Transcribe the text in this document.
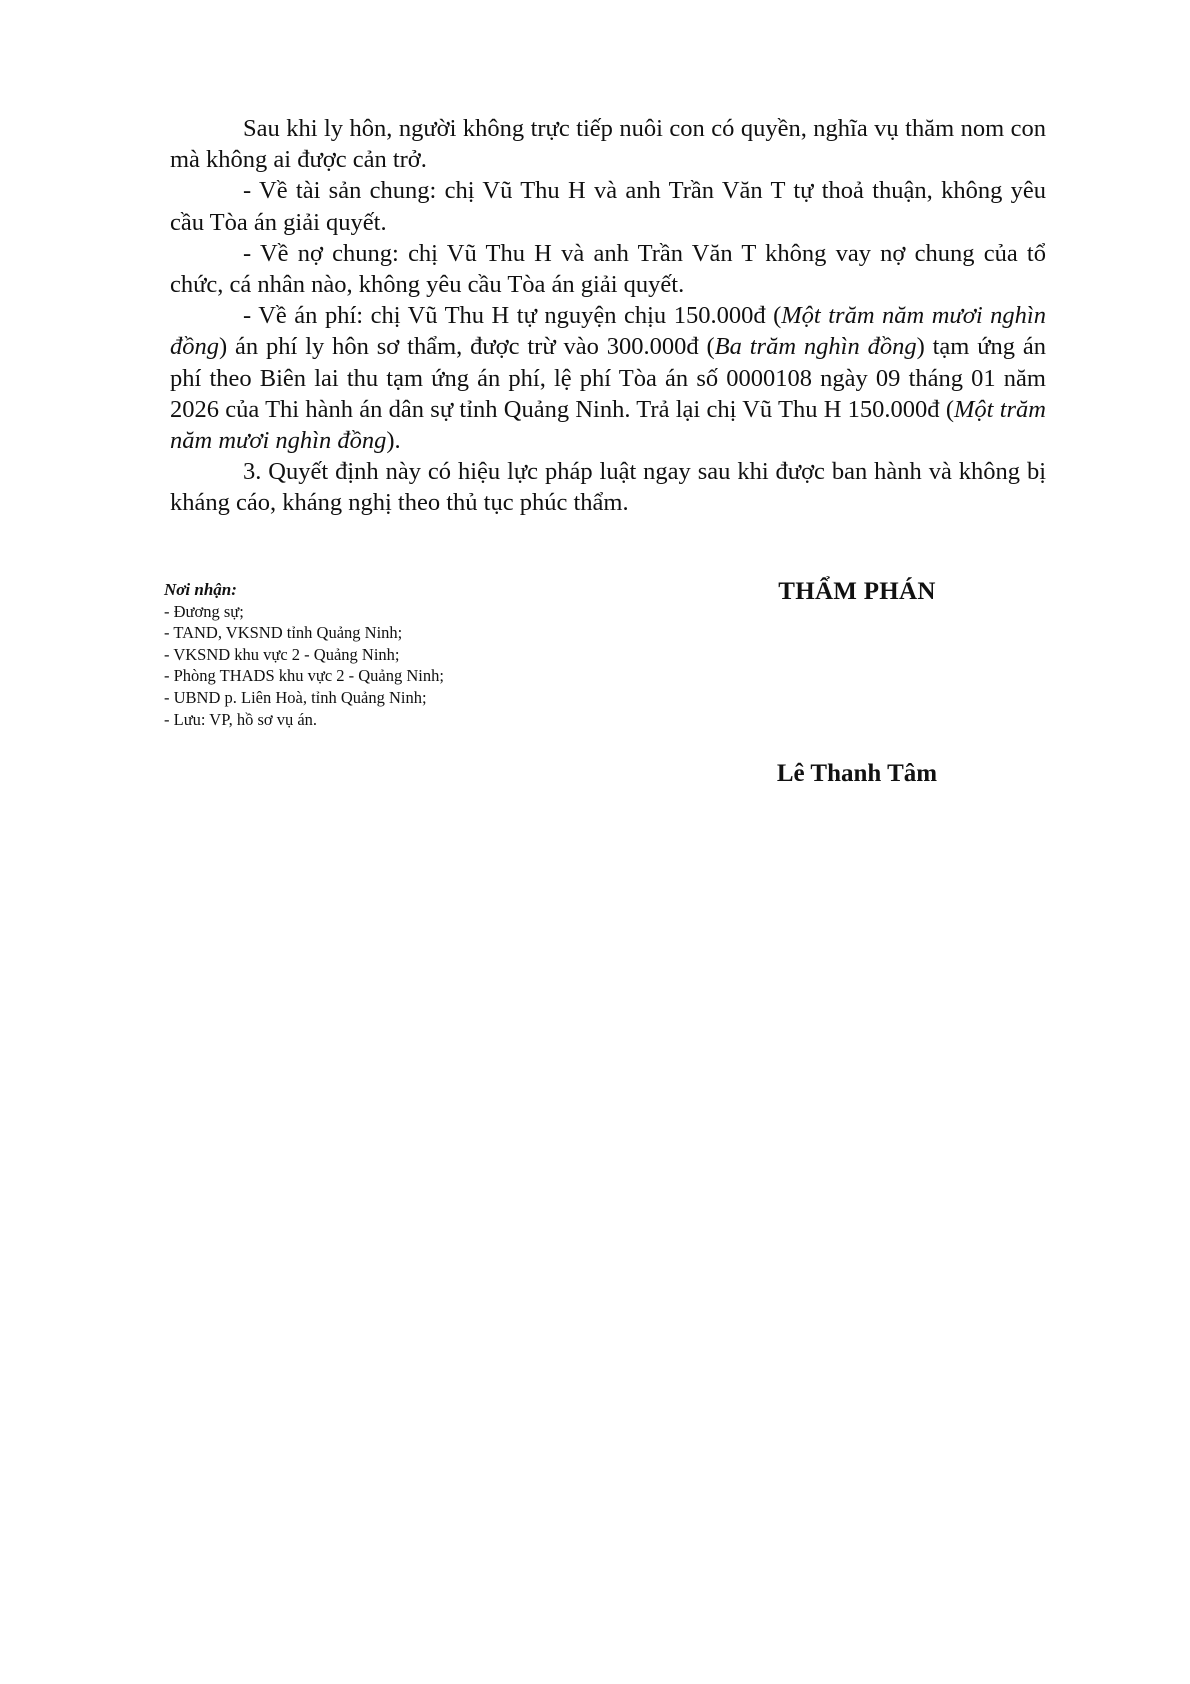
Sau khi ly hôn, người không trực tiếp nuôi con có quyền, nghĩa vụ thăm nom con mà không ai được cản trở.

- Về tài sản chung: chị Vũ Thu H và anh Trần Văn T tự thoả thuận, không yêu cầu Tòa án giải quyết.

- Về nợ chung: chị Vũ Thu H và anh Trần Văn T không vay nợ chung của tổ chức, cá nhân nào, không yêu cầu Tòa án giải quyết.

- Về án phí: chị Vũ Thu H tự nguyện chịu 150.000đ (Một trăm năm mươi nghìn đồng) án phí ly hôn sơ thẩm, được trừ vào 300.000đ (Ba trăm nghìn đồng) tạm ứng án phí theo Biên lai thu tạm ứng án phí, lệ phí Tòa án số 0000108 ngày 09 tháng 01 năm 2026 của Thi hành án dân sự tỉnh Quảng Ninh. Trả lại chị Vũ Thu H 150.000đ (Một trăm năm mươi nghìn đồng).

3. Quyết định này có hiệu lực pháp luật ngay sau khi được ban hành và không bị kháng cáo, kháng nghị theo thủ tục phúc thẩm.

Nơi nhận:

- Đương sự;
- TAND, VKSND tỉnh Quảng Ninh;
- VKSND khu vực 2 - Quảng Ninh;
- Phòng THADS khu vực 2 - Quảng Ninh;
- UBND p. Liên Hoà, tỉnh Quảng Ninh;
- Lưu: VP, hồ sơ vụ án.
THẨM PHÁN
Lê Thanh Tâm
